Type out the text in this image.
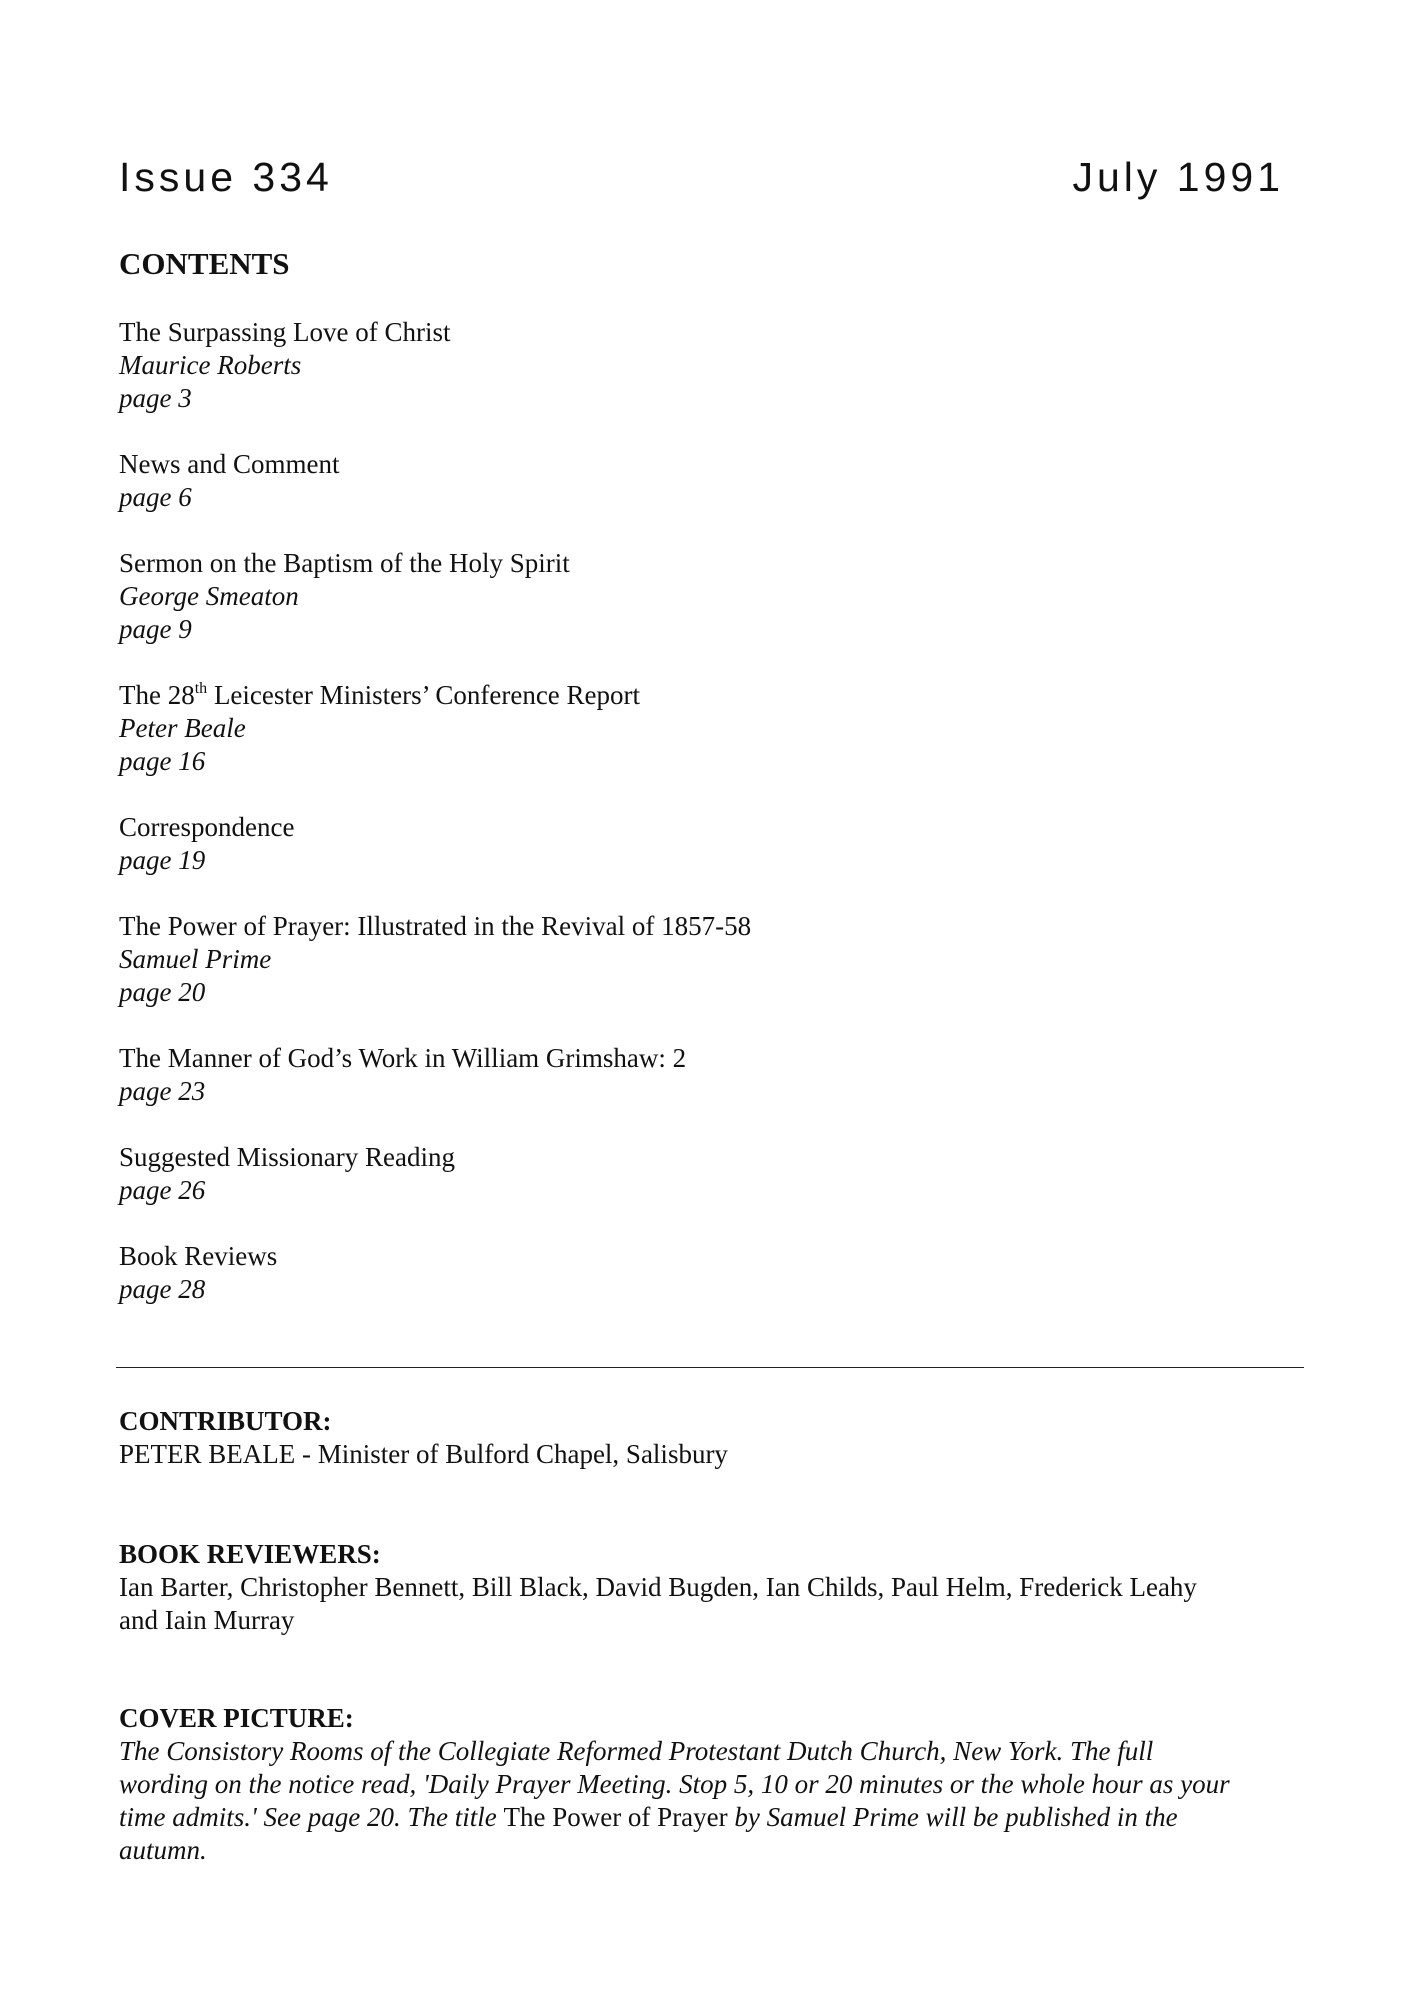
Issue 334	July 1991
CONTENTS
The Surpassing Love of Christ
Maurice Roberts
page 3
News and Comment
page 6
Sermon on the Baptism of the Holy Spirit
George Smeaton
page 9
The 28th Leicester Ministers’ Conference Report
Peter Beale
page 16
Correspondence
page 19
The Power of Prayer: Illustrated in the Revival of 1857-58
Samuel Prime
page 20
The Manner of God’s Work in William Grimshaw: 2
page 23
Suggested Missionary Reading
page 26
Book Reviews
page 28
CONTRIBUTOR:
PETER BEALE - Minister of Bulford Chapel, Salisbury
BOOK REVIEWERS:
Ian Barter, Christopher Bennett, Bill Black, David Bugden, Ian Childs, Paul Helm, Frederick Leahy
and Iain Murray
COVER PICTURE:
The Consistory Rooms of the Collegiate Reformed Protestant Dutch Church, New York. The full
wording on the notice read, 'Daily Prayer Meeting. Stop 5, 10 or 20 minutes or the whole hour as your
time admits.' See page 20. The title The Power of Prayer by Samuel Prime will be published in the
autumn.
